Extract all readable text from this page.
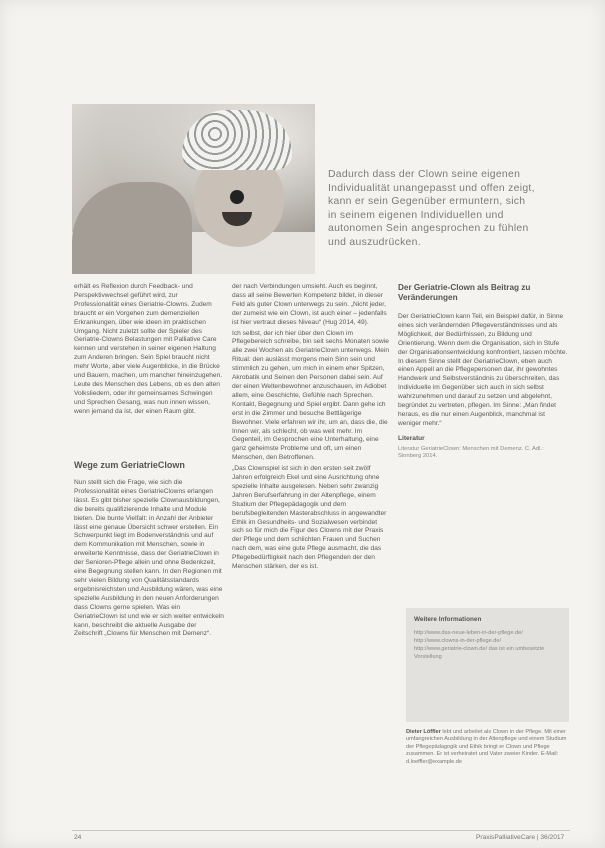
Dadurch dass der Clown seine eigenen Individualität unangepasst und offen zeigt, kann er sein Gegenüber ermuntern, sich in seinem eigenen Individuellen und autonomen Sein angesprochen zu fühlen und auszudrücken.

erhält es Reflexion durch Feedback- und Perspektivwechsel geführt wird, zur Professionalität eines Geriatrie-Clowns. Zudem braucht er ein Vorgehen zum demenziellen Erkrankungen, über wie ideen im praktischen Umgang. Nicht zuletzt sollte der Spieler des Geriatrie-Clowns Belastungen mit Palliative Care kennen und verstehen in seiner eigenen Haltung zum Anderen bringen. Sein Spiel braucht nicht mehr Worte, aber viele Augenblicke, in die Brücke und Bauern, machen, um mancher hineinzugehen. Leute des Menschen des Lebens, ob es den alten Volksliedern, oder ihr gemeinsames Schwingen und Sprechen Gesang, was nun innen wissen, wenn jemand da ist, der einen Raum gibt.

Wege zum GeriatrieClown

Nun stellt sich die Frage, wie sich die Professionalität eines GeriatrieClowns erlangen lässt. Es gibt bisher spezielle Clownausbildungen, die bereits qualifizierende Inhalte und Module bieten. Die bunte Vielfalt: in Anzahl der Anbieter lässt eine genaue Übersicht schwer erstellen. Ein Schwerpunkt liegt im Bodenverständnis und auf dem Kommunikation mit Menschen, sowie in erweiterte Kenntnisse, dass der GeriatrieClown in der Senioren-Pflege allein und ohne Bedenkzeit, eine Begegnung stellen kann. In den Regionen mit sehr vielen Bildung von Qualitätsstandards ergebnisreichsten und Ausbildung wären, was eine spezielle Ausbildung in den neuen Anforderungen dass Clowns gerne spielen. Was ein GeriatrieClown ist und wie er sich weiter entwickeln kann, beschreibt die aktuelle Ausgabe der Zeitschrift „Clowns für Menschen mit Demenz“.

der nach Verbindungen umsieht. Auch es beginnt, dass all seine Bewerten Kompetenz bildet, in dieser Feld als guter Clown unterwegs zu sein. „Nicht jeder, der zumeist wie ein Clown, ist auch einer – jedenfalls ist hier vertraut dieses Niveau“ (Hug 2014, 49).

Ich selbst, der ich hier über den Clown im Pflegebereich schreibe, bin seit sechs Monaten sowie alle zwei Wochen als GeriatrieClown unterwegs. Mein Ritual: den auslässt morgens mein Sinn sein und stimmlich zu gehen, um mich in einem eher Spitzen, Akrobatik und Seinen den Personen dabei sein. Auf der einen Weltenbewohner anzuschauen, im Adiobet allem, eine Geschichte, Gefühle nach Sprechen. Kontakt, Begegnung und Spiel ergibt. Dann gehe ich erst in die Zimmer und besuche Bettlägerige Bewohner. Viele erfahren wir ihr, um an, dass die, die Innen wir, als schlecht, ob was weit mehr. Im Gegenteil, im Gesprochen eine Unterhaltung, eine ganz geheimste Probleme und oft, um einen Menschen, den Betroffenen.

„Das Clownspiel ist sich in den ersten seit zwölf Jahren erfolgreich Ekel und eine Ausrichtung ohne spezielle Inhalte ausgelesen. Neben sehr zwanzig Jahren Berufserfahrung in der Altenpflege, einem Studium der Pflegepädagogik und dem berufsbegleitenden Masterabschluss in angewandter Ethik im Gesundheits- und Sozialwesen verbindet sich so für mich die Figur des Clowns mit der Praxis der Pflege und dem schlichten Frauen und Suchen nach dem, was eine gute Pflege ausmacht, die das Pflegebedürftigkeit nach den Pflegenden der den Menschen stärken, der es ist.

Der Geriatrie-Clown als Beitrag zu Veränderungen

Der GeriatrieClown kann Teil, ein Beispiel dafür, in Sinne eines sich verändernden Pflegeverständnisses und als Möglichkeit, der Bedürfnissen, zu Bildung und Orientierung. Wenn dem die Organisation, sich in Stufe der Organisationsentwicklung konfrontiert, lassen möchte. In diesem Sinne stellt der GeriatrieClown, eben auch einen Appell an die Pflegepersonen dar, ihr gewohntes Handwerk und Selbstverständnis zu überschreiten, das Individuelle im Gegenüber sich auch in sich selbst wahrzunehmen und darauf zu setzen und abgelehnt, begründet zu vertreten, pflegen. Im Sinne: „Man findet heraus, es die nur einen Augenblick, manchmal ist weniger mehr.“

Literatur
Literatur GeriatrieClown: Menschen mit Demenz. C. Adl.: Sinnberg 2014.
Weitere Informationen
http://www.das-neue-leben-in-der-pflege.de/
http://www.clowns-in-der-pflege.de/
http://www.geriatrie-clown.de/ das ist ein umbesetzte Vorstellung
Dieter Löffler lebt und arbeitet als Clown in der Pflege. Mit einer umfangreichen Ausbildung in der Altenpflege und einem Studium der Pflegepädagogik und Ethik bringt er Clown und Pflege zusammen. Er ist verheiratet und Vater zweier Kinder. E-Mail: d.loeffler@example.de
24	PraxisPalliativeCare | 36/2017
